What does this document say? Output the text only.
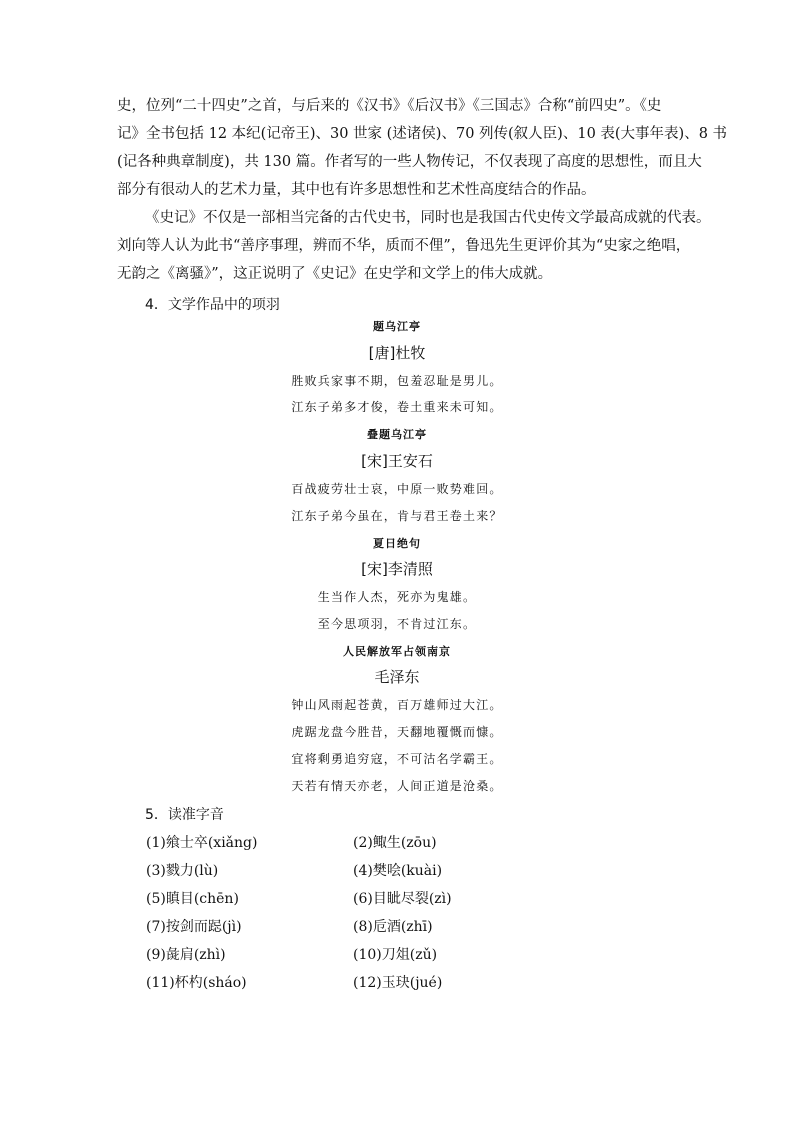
史，位列“二十四史”之首，与后来的《汉书》《后汉书》《三国志》合称“前四史”。《史
记》全书包括 12 本纪(记帝王)、30 世家 (述诸侯)、70 列传(叙人臣)、10 表(大事年表)、8 书
(记各种典章制度)，共 130 篇。作者写的一些人物传记，不仅表现了高度的思想性，而且大
部分有很动人的艺术力量，其中也有许多思想性和艺术性高度结合的作品。
《史记》不仅是一部相当完备的古代史书，同时也是我国古代史传文学最高成就的代表。
刘向等人认为此书“善序事理，辨而不华，质而不俚”，鲁迅先生更评价其为“史家之绝唱，
无韵之《离骚》”，这正说明了《史记》在史学和文学上的伟大成就。
4．文学作品中的项羽
题乌江亭
[唐]杜牧
胜败兵家事不期，包羞忍耻是男儿。
江东子弟多才俊，卷土重来未可知。
叠题乌江亭
[宋]王安石
百战疲劳壮士哀，中原一败势难回。
江东子弟今虽在，肯与君王卷土来？
夏日绝句
[宋]李清照
生当作人杰，死亦为鬼雄。
至今思项羽，不肯过江东。
人民解放军占领南京
毛泽东
钟山风雨起苍黄，百万雄师过大江。
虎踞龙盘今胜昔，天翻地覆慨而慷。
宜将剩勇追穷寇，不可沽名学霸王。
天若有情天亦老，人间正道是沧桑。
5．读准字音
(1)飨士卒(xiǎng)	(2)鲰生(zōu)
(3)戮力(lù)	(4)樊哙(kuài)
(5)瞋目(chēn)	(6)目眦尽裂(zì)
(7)按剑而跽(jì)	(8)卮酒(zhī)
(9)彘肩(zhì)	(10)刀俎(zǔ)
(11)杯杓(sháo)	(12)玉玦(jué)
